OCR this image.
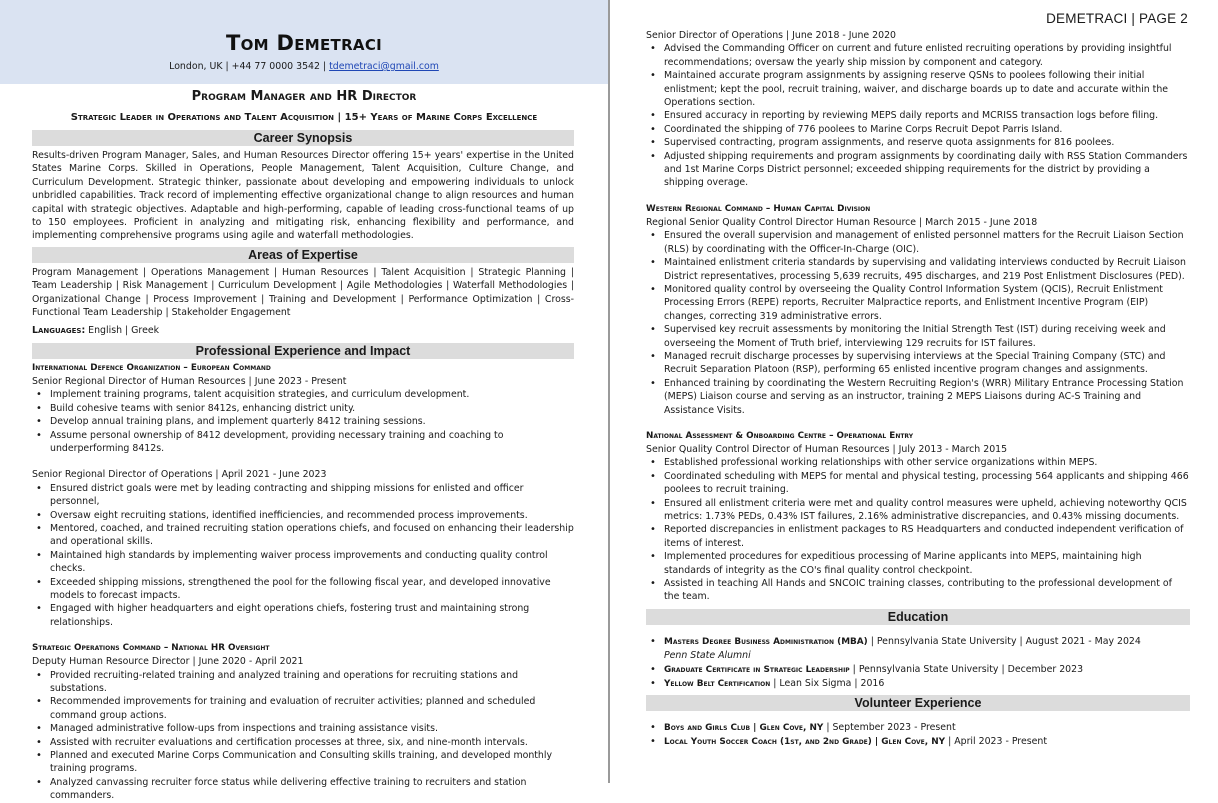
Tom Demetraci
London, UK | +44 77 0000 3542 | tdemetraci@gmail.com
Program Manager and HR Director
Strategic Leader in Operations and Talent Acquisition | 15+ Years of Marine Corps Excellence
Career Synopsis
Results-driven Program Manager, Sales, and Human Resources Director offering 15+ years' expertise in the United States Marine Corps. Skilled in Operations, People Management, Talent Acquisition, Culture Change, and Curriculum Development. Strategic thinker, passionate about developing and empowering individuals to unlock unbridled capabilities. Track record of implementing effective organizational change to align resources and human capital with strategic objectives. Adaptable and high-performing, capable of leading cross-functional teams of up to 150 employees. Proficient in analyzing and mitigating risk, enhancing flexibility and performance, and implementing comprehensive programs using agile and waterfall methodologies.
Areas of Expertise
Program Management | Operations Management | Human Resources | Talent Acquisition | Strategic Planning | Team Leadership | Risk Management | Curriculum Development | Agile Methodologies | Waterfall Methodologies | Organizational Change | Process Improvement | Training and Development | Performance Optimization | Cross-Functional Team Leadership | Stakeholder Engagement
Languages: English | Greek
Professional Experience and Impact
International Defence Organization – European Command
Senior Regional Director of Human Resources | June 2023 - Present
• Implement training programs, talent acquisition strategies, and curriculum development.
• Build cohesive teams with senior 8412s, enhancing district unity.
• Develop annual training plans, and implement quarterly 8412 training sessions.
• Assume personal ownership of 8412 development, providing necessary training and coaching to underperforming 8412s.
Senior Regional Director of Operations | April 2021 - June 2023
• Ensured district goals were met by leading contracting and shipping missions for enlisted and officer personnel,
• Oversaw eight recruiting stations, identified inefficiencies, and recommended process improvements.
• Mentored, coached, and trained recruiting station operations chiefs, and focused on enhancing their leadership and operational skills.
• Maintained high standards by implementing waiver process improvements and conducting quality control checks.
• Exceeded shipping missions, strengthened the pool for the following fiscal year, and developed innovative models to forecast impacts.
• Engaged with higher headquarters and eight operations chiefs, fostering trust and maintaining strong relationships.
Strategic Operations Command – National HR Oversight
Deputy Human Resource Director | June 2020 - April 2021
• Provided recruiting-related training and analyzed training and operations for recruiting stations and substations.
• Recommended improvements for training and evaluation of recruiter activities; planned and scheduled command group actions.
• Managed administrative follow-ups from inspections and training assistance visits.
• Assisted with recruiter evaluations and certification processes at three, six, and nine-month intervals.
• Planned and executed Marine Corps Communication and Consulting skills training, and developed monthly training programs.
• Analyzed canvassing recruiter force status while delivering effective training to recruiters and station commanders.
DEMETRACI | PAGE 2
Senior Director of Operations | June 2018 - June 2020
• Advised the Commanding Officer on current and future enlisted recruiting operations by providing insightful recommendations; oversaw the yearly ship mission by component and category.
• Maintained accurate program assignments by assigning reserve QSNs to poolees following their initial enlistment; kept the pool, recruit training, waiver, and discharge boards up to date and accurate within the Operations section.
• Ensured accuracy in reporting by reviewing MEPS daily reports and MCRISS transaction logs before filing.
• Coordinated the shipping of 776 poolees to Marine Corps Recruit Depot Parris Island.
• Supervised contracting, program assignments, and reserve quota assignments for 816 poolees.
• Adjusted shipping requirements and program assignments by coordinating daily with RSS Station Commanders and 1st Marine Corps District personnel; exceeded shipping requirements for the district by providing a shipping overage.
Western Regional Command – Human Capital Division
Regional Senior Quality Control Director Human Resource | March 2015 - June 2018
• Ensured the overall supervision and management of enlisted personnel matters for the Recruit Liaison Section (RLS) by coordinating with the Officer-In-Charge (OIC).
• Maintained enlistment criteria standards by supervising and validating interviews conducted by Recruit Liaison District representatives, processing 5,639 recruits, 495 discharges, and 219 Post Enlistment Disclosures (PED).
• Monitored quality control by overseeing the Quality Control Information System (QCIS), Recruit Enlistment Processing Errors (REPE) reports, Recruiter Malpractice reports, and Enlistment Incentive Program (EIP) changes, correcting 319 administrative errors.
• Supervised key recruit assessments by monitoring the Initial Strength Test (IST) during receiving week and overseeing the Moment of Truth brief, interviewing 129 recruits for IST failures.
• Managed recruit discharge processes by supervising interviews at the Special Training Company (STC) and Recruit Separation Platoon (RSP), performing 65 enlisted incentive program changes and assignments.
• Enhanced training by coordinating the Western Recruiting Region's (WRR) Military Entrance Processing Station (MEPS) Liaison course and serving as an instructor, training 2 MEPS Liaisons during AC-S Training and Assistance Visits.
National Assessment & Onboarding Centre – Operational Entry
Senior Quality Control Director of Human Resources | July 2013 - March 2015
• Established professional working relationships with other service organizations within MEPS.
• Coordinated scheduling with MEPS for mental and physical testing, processing 564 applicants and shipping 466 poolees to recruit training.
• Ensured all enlistment criteria were met and quality control measures were upheld, achieving noteworthy QCIS metrics: 1.73% PEDs, 0.43% IST failures, 2.16% administrative discrepancies, and 0.43% missing documents.
• Reported discrepancies in enlistment packages to RS Headquarters and conducted independent verification of items of interest.
• Implemented procedures for expeditious processing of Marine applicants into MEPS, maintaining high standards of integrity as the CO's final quality control checkpoint.
• Assisted in teaching All Hands and SNCOIC training classes, contributing to the professional development of the team.
Education
• Masters Degree Business Administration (MBA) | Pennsylvania State University | August 2021 - May 2024
Penn State Alumni
• Graduate Certificate in Strategic Leadership | Pennsylvania State University | December 2023
• Yellow Belt Certification | Lean Six Sigma | 2016
Volunteer Experience
• Boys and Girls Club | Glen Cove, NY | September 2023 - Present
• Local Youth Soccer Coach (1st, and 2nd Grade) | Glen Cove, NY | April 2023 - Present
